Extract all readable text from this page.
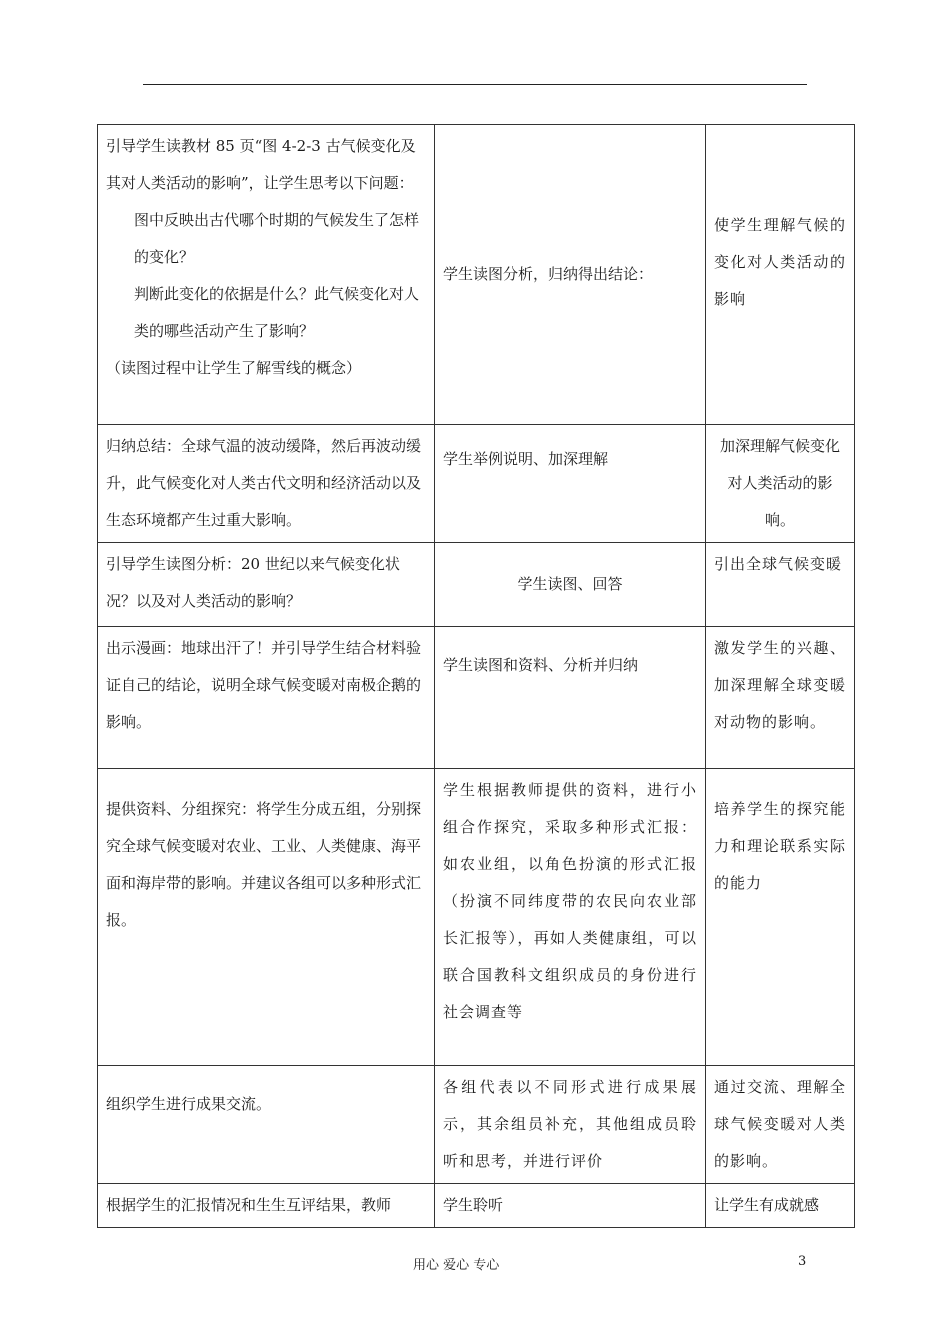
引导学生读教材 85 页“图 4-2-3 古气候变化及其对人类活动的影响”，让学生思考以下问题：
图中反映出古代哪个时期的气候发生了怎样的变化？
判断此变化的依据是什么？此气候变化对人类的哪些活动产生了影响？
（读图过程中让学生了解雪线的概念）	学生读图分析，归纳得出结论：	使学生理解气候的变化对人类活动的影响

归纳总结：全球气温的波动缓降，然后再波动缓升，此气候变化对人类古代文明和经济活动以及生态环境都产生过重大影响。	学生举例说明、加深理解	加深理解气候变化对人类活动的影响。

引导学生读图分析：20 世纪以来气候变化状况？以及对人类活动的影响？	学生读图、回答	引出全球气候变暖

出示漫画：地球出汗了！并引导学生结合材料验证自己的结论，说明全球气候变暖对南极企鹅的影响。	学生读图和资料、分析并归纳	激发学生的兴趣、加深理解全球变暖对动物的影响。

提供资料、分组探究：将学生分成五组，分别探究全球气候变暖对农业、工业、人类健康、海平面和海岸带的影响。并建议各组可以多种形式汇报。	学生根据教师提供的资料，进行小组合作探究，采取多种形式汇报：如农业组，以角色扮演的形式汇报（扮演不同纬度带的农民向农业部长汇报等），再如人类健康组，可以联合国教科文组织成员的身份进行社会调查等	培养学生的探究能力和理论联系实际的能力

组织学生进行成果交流。	各组代表以不同形式进行成果展示，其余组员补充，其他组成员聆听和思考，并进行评价	通过交流、理解全球气候变暖对人类的影响。

根据学生的汇报情况和生生互评结果，教师	学生聆听	让学生有成就感
用心 爱心 专心	3
